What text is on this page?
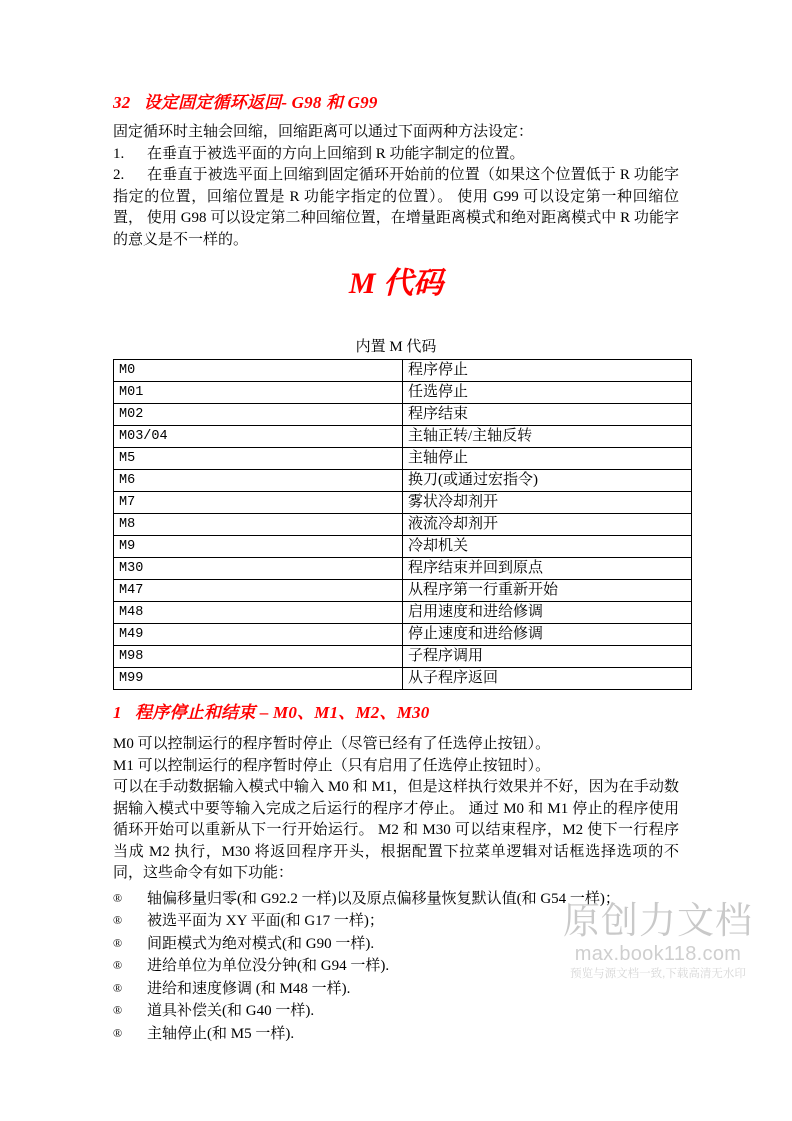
32   设定固定循环返回- G98 和 G99

固定循环时主轴会回缩，回缩距离可以通过下面两种方法设定：

1. 在垂直于被选平面的方向上回缩到 R 功能字制定的位置。

2. 在垂直于被选平面上回缩到固定循环开始前的位置（如果这个位置低于 R 功能字指定的位置，回缩位置是 R 功能字指定的位置）。 使用 G99 可以设定第一种回缩位置， 使用 G98 可以设定第二种回缩位置，在增量距离模式和绝对距离模式中 R 功能字的意义是不一样的。

M 代码
内置 M 代码
M0	程序停止
M01	任选停止
M02	程序结束
M03/04	主轴正转/主轴反转
M5	主轴停止
M6	换刀(或通过宏指令)
M7	雾状冷却剂开
M8	液流冷却剂开
M9	冷却机关
M30	程序结束并回到原点
M47	从程序第一行重新开始
M48	启用速度和进给修调
M49	停止速度和进给修调
M98	子程序调用
M99	从子程序返回
1   程序停止和结束 – M0、M1、M2、M30

M0 可以控制运行的程序暂时停止（尽管已经有了任选停止按钮）。

M1 可以控制运行的程序暂时停止（只有启用了任选停止按钮时）。

可以在手动数据输入模式中输入 M0 和 M1，但是这样执行效果并不好，因为在手动数据输入模式中要等输入完成之后运行的程序才停止。 通过 M0 和 M1 停止的程序使用循环开始可以重新从下一行开始运行。 M2 和 M30 可以结束程序，M2 使下一行程序当成 M2 执行，M30 将返回程序开头，根据配置下拉菜单逻辑对话框选择选项的不同，这些命令有如下功能：

® 轴偏移量归零(和 G92.2 一样)以及原点偏移量恢复默认值(和 G54 一样)；

® 被选平面为 XY 平面(和 G17 一样)；

® 间距模式为绝对模式(和 G90 一样).

® 进给单位为单位没分钟(和 G94 一样).

® 进给和速度修调 (和 M48 一样).

® 道具补偿关(和 G40 一样).

® 主轴停止(和 M5 一样).

原创力文档
max.book118.com
预览与源文档一致,下载高清无水印
